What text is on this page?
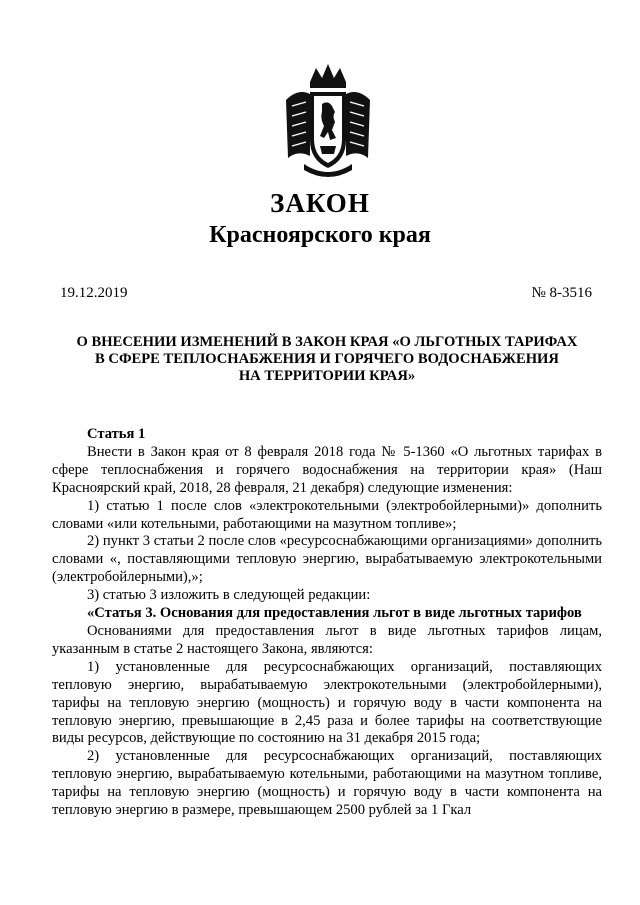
ЗАКОН
Красноярского края
19.12.2019	№ 8-3516
О ВНЕСЕНИИ ИЗМЕНЕНИЙ В ЗАКОН КРАЯ «О ЛЬГОТНЫХ ТАРИФАХ
В СФЕРЕ ТЕПЛОСНАБЖЕНИЯ И ГОРЯЧЕГО ВОДОСНАБЖЕНИЯ
НА ТЕРРИТОРИИ КРАЯ»

Статья 1

Внести в Закон края от 8 февраля 2018 года № 5-1360 «О льготных тарифах в сфере теплоснабжения и горячего водоснабжения на территории края» (Наш Красноярский край, 2018, 28 февраля, 21 декабря) следующие изменения:

1) статью 1 после слов «электрокотельными (электробойлерными)» дополнить словами «или котельными, работающими на мазутном топливе»;

2) пункт 3 статьи 2 после слов «ресурсоснабжающими организациями» дополнить словами «, поставляющими тепловую энергию, вырабатываемую электрокотельными (электробойлерными),»;

3) статью 3 изложить в следующей редакции:

«Статья 3. Основания для предоставления льгот в виде льготных тарифов

Основаниями для предоставления льгот в виде льготных тарифов лицам, указанным в статье 2 настоящего Закона, являются:

1) установленные для ресурсоснабжающих организаций, поставляющих тепловую энергию, вырабатываемую электрокотельными (электробойлерными), тарифы на тепловую энергию (мощность) и горячую воду в части компонента на тепловую энергию, превышающие в 2,45 раза и более тарифы на соответствующие виды ресурсов, действующие по состоянию на 31 декабря 2015 года;

2) установленные для ресурсоснабжающих организаций, поставляющих тепловую энергию, вырабатываемую котельными, работающими на мазутном топливе, тарифы на тепловую энергию (мощность) и горячую воду в части компонента на тепловую энергию в размере, превышающем 2500 рублей за 1 Гкал
